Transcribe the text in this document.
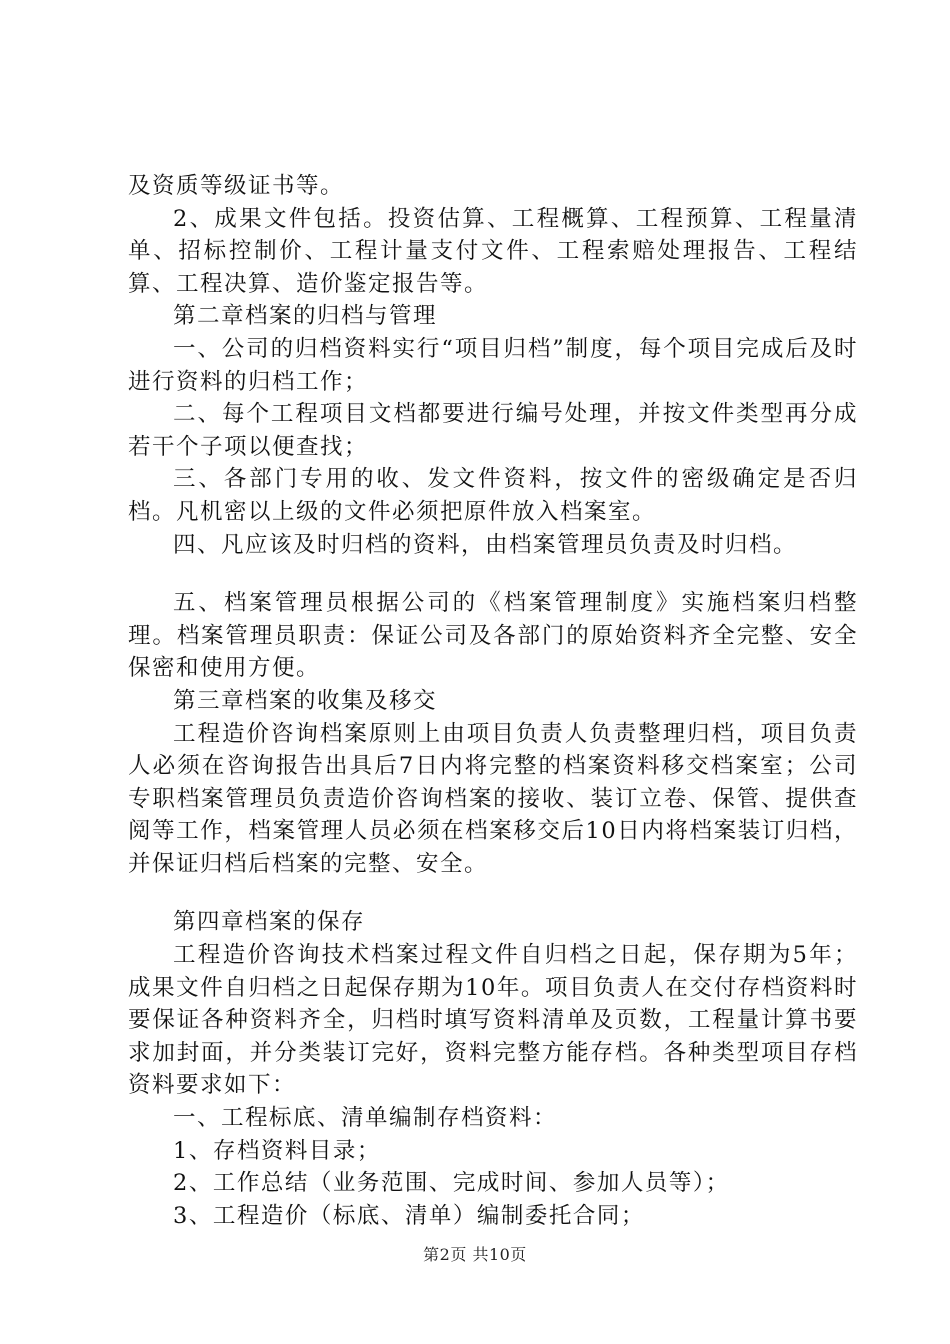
及资质等级证书等。

2、成果文件包括。投资估算、工程概算、工程预算、工程量清单、招标控制价、工程计量支付文件、工程索赔处理报告、工程结算、工程决算、造价鉴定报告等。

第二章档案的归档与管理

一、公司的归档资料实行“项目归档”制度，每个项目完成后及时进行资料的归档工作；

二、每个工程项目文档都要进行编号处理，并按文件类型再分成若干个子项以便查找；

三、各部门专用的收、发文件资料，按文件的密级确定是否归档。凡机密以上级的文件必须把原件放入档案室。

四、凡应该及时归档的资料，由档案管理员负责及时归档。

五、档案管理员根据公司的《档案管理制度》实施档案归档整理。档案管理员职责：保证公司及各部门的原始资料齐全完整、安全保密和使用方便。

第三章档案的收集及移交

工程造价咨询档案原则上由项目负责人负责整理归档，项目负责人必须在咨询报告出具后7日内将完整的档案资料移交档案室；公司专职档案管理员负责造价咨询档案的接收、装订立卷、保管、提供查阅等工作，档案管理人员必须在档案移交后10日内将档案装订归档，并保证归档后档案的完整、安全。

第四章档案的保存

工程造价咨询技术档案过程文件自归档之日起，保存期为5年；成果文件自归档之日起保存期为10年。项目负责人在交付存档资料时要保证各种资料齐全，归档时填写资料清单及页数，工程量计算书要求加封面，并分类装订完好，资料完整方能存档。各种类型项目存档资料要求如下：

一、工程标底、清单编制存档资料：

1、存档资料目录；

2、工作总结（业务范围、完成时间、参加人员等）；

3、工程造价（标底、清单）编制委托合同；

第2页 共10页
